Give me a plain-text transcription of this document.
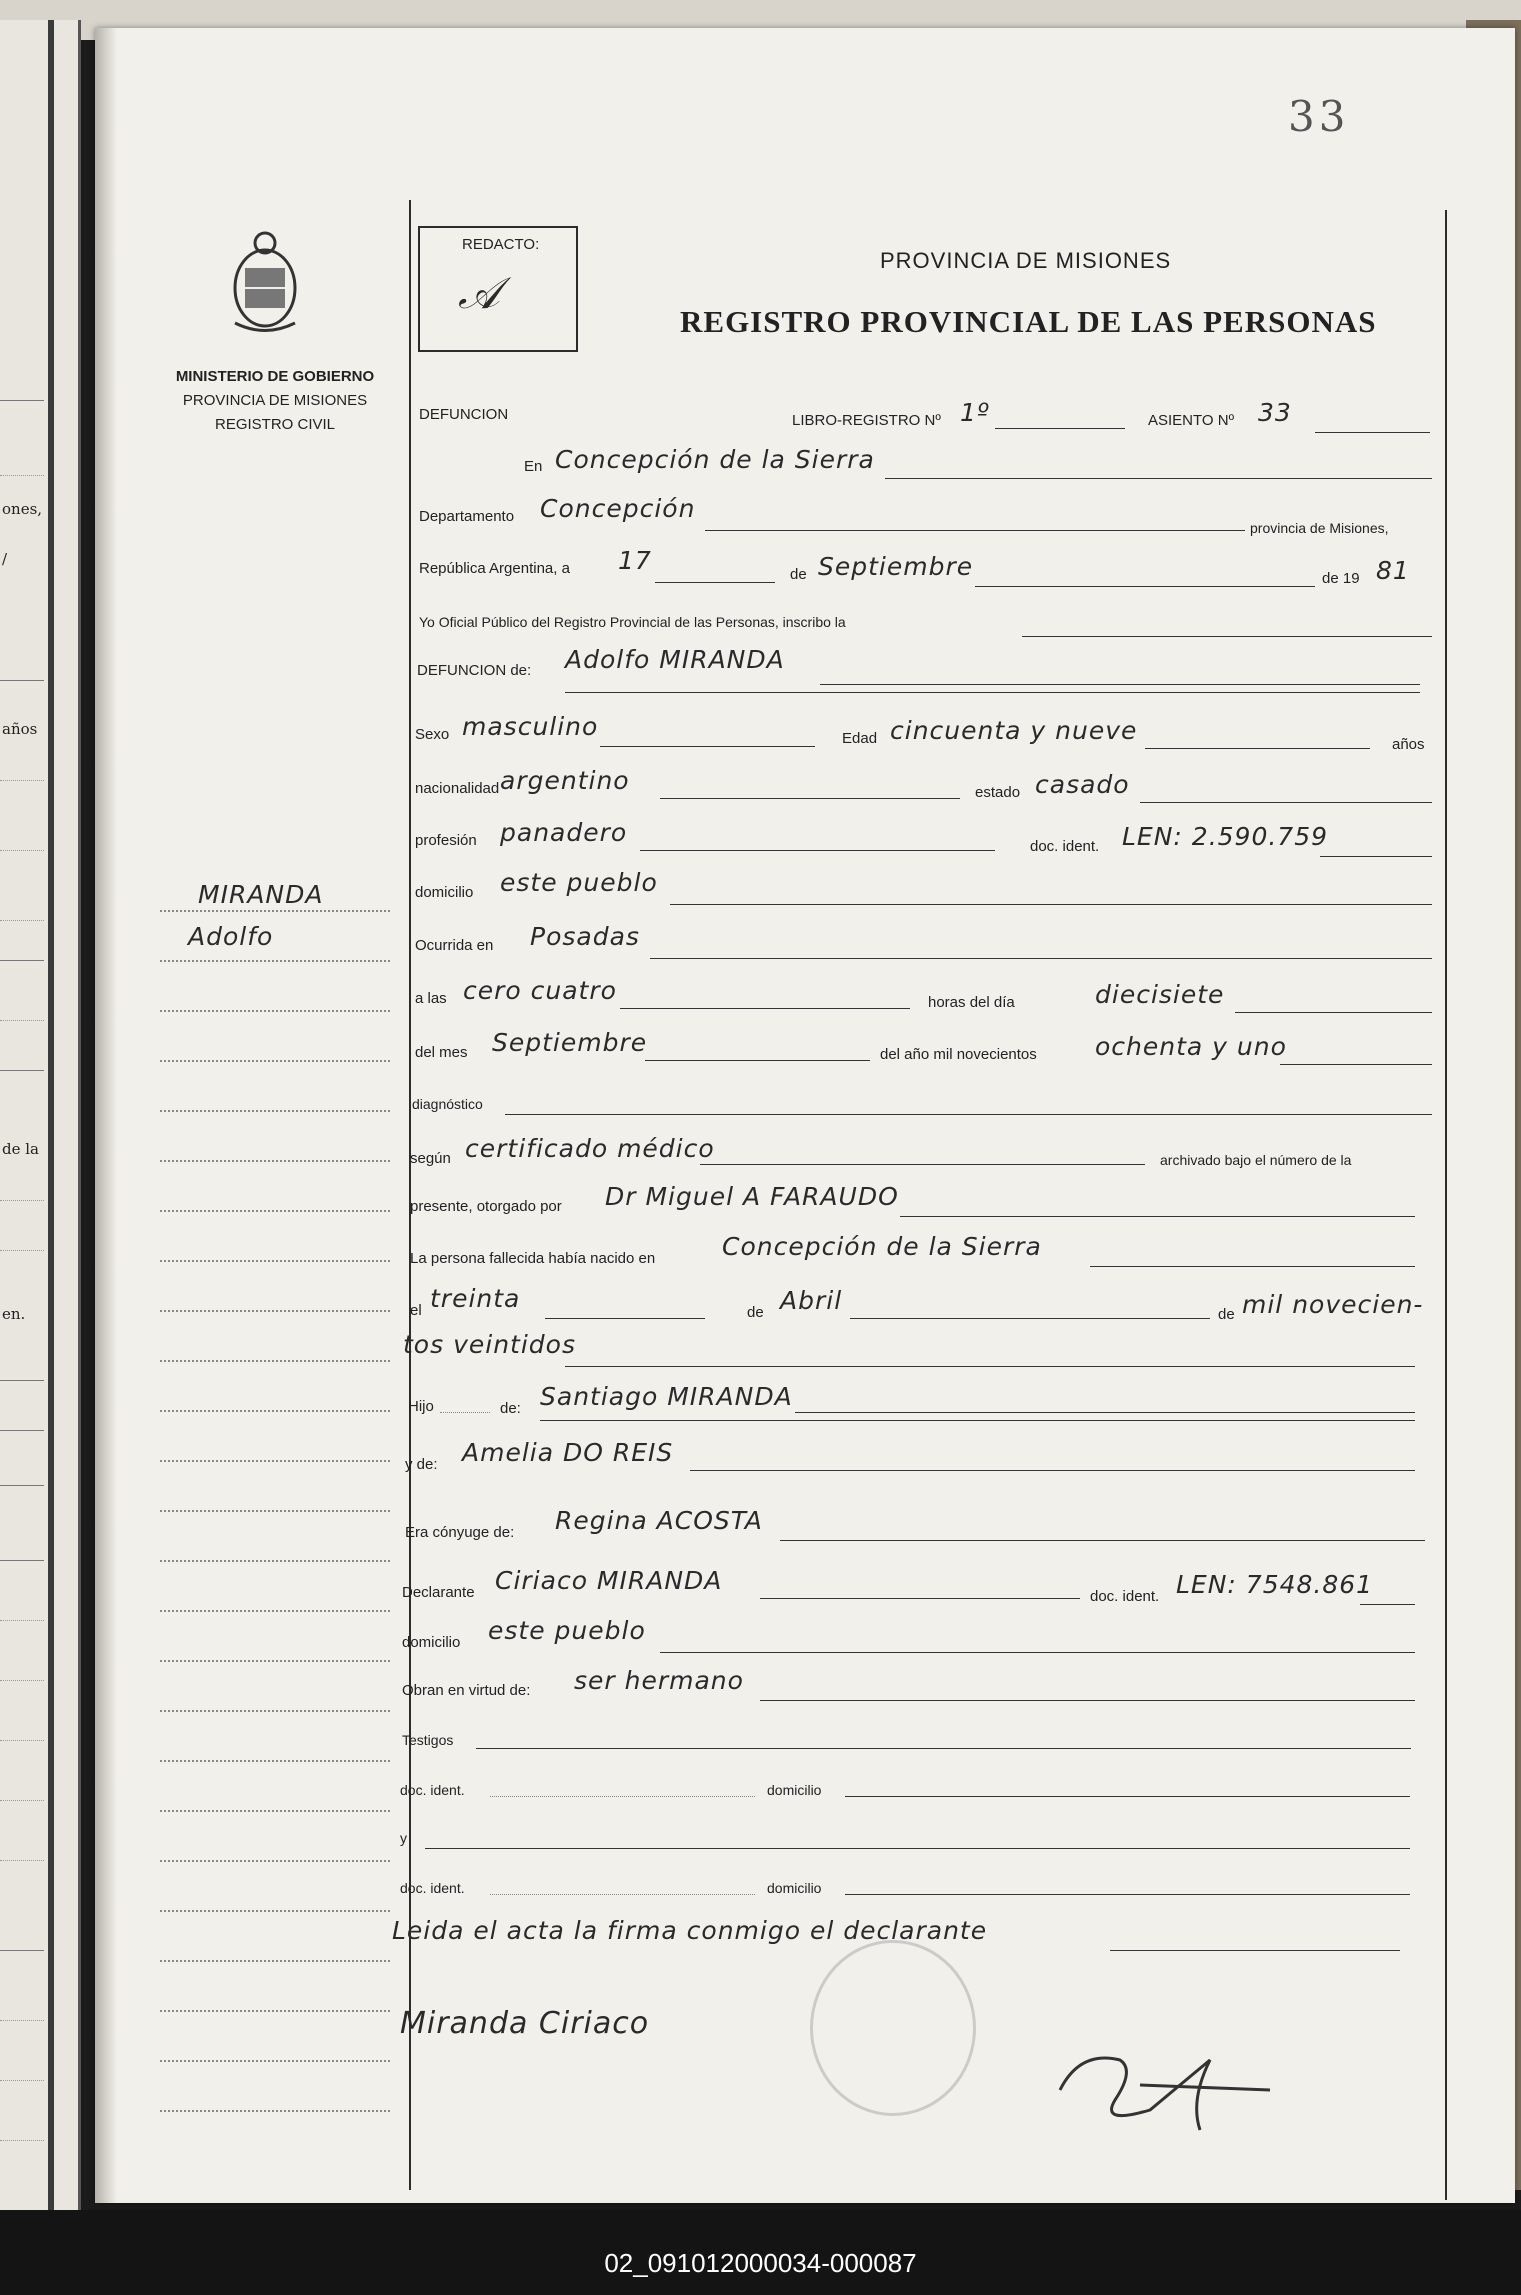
ones,
/
años
de la
en.
33
MINISTERIO DE GOBIERNO
PROVINCIA DE MISIONES
REGISTRO CIVIL
MIRANDA
Adolfo
REDACTO:
𝒜
PROVINCIA DE MISIONES
REGISTRO PROVINCIAL DE LAS PERSONAS
DEFUNCION	LIBRO-REGISTRO Nº 1º	ASIENTO Nº 33
En Concepción de la Sierra
Departamento Concepción
provincia de Misiones,
República Argentina, a 17	de Septiembre	de 19 81
Yo Oficial Público del Registro Provincial de las Personas, inscribo la
DEFUNCION de: Adolfo MIRANDA
Sexo masculino	Edad cincuenta y nueve	años
nacionalidad argentino	estado casado
profesión panadero	doc. ident. LEN: 2.590.759
domicilio este pueblo
Ocurrida en Posadas
a las cero cuatro	horas del día	diecisiete
del mes Septiembre	del año mil novecientos ochenta y uno
diagnóstico
según certificado médico	archivado bajo el número de la
presente, otorgado por Dr Miguel A FARAUDO
La persona fallecida había nacido en	Concepción de la Sierra
el treinta	de Abril	de mil novecien-
tos veintidos
Hijo	de: Santiago MIRANDA
y de: Amelia DO REIS
Era cónyuge de: Regina ACOSTA
Declarante Ciriaco MIRANDA
doc. ident. LEN: 7548.861
domicilio este pueblo
Obran en virtud de: ser hermano
Testigos
doc. ident.	domicilio
y
doc. ident.	domicilio
Leida el acta la firma conmigo el declarante
Miranda Ciriaco
02_091012000034-000087
